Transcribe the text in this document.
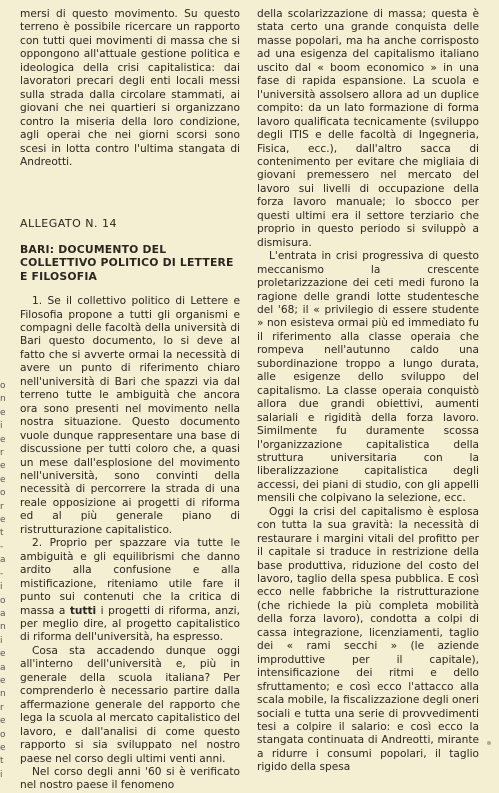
o
n
e
i
e
r
e
e
o
r
e
t
-
a
-
i
o
a
n
i
e
a
e
n
r
e
o
e
t
i

mersi di questo movimento. Su questo terreno è possibile ricercare un rapporto con tutti quei movimenti di massa che si oppongono all'attuale gestione politica e ideologica della crisi capitalistica: dai lavoratori precari degli enti locali messi sulla strada dalla circolare stammati, ai giovani che nei quartieri si organizzano contro la miseria della loro condizione, agli operai che nei giorni scorsi sono scesi in lotta contro l'ultima stangata di Andreotti.

ALLEGATO N. 14

BARI: DOCUMENTO DEL COLLETTIVO POLITICO DI LETTERE E FILOSOFIA

1. Se il collettivo politico di Lettere e Filosofia propone a tutti gli organismi e compagni delle facoltà della università di Bari questo documento, lo si deve al fatto che si avverte ormai la necessità di avere un punto di riferimento chiaro nell'università di Bari che spazzi via dal terreno tutte le ambiguità che ancora ora sono presenti nel movimento nella nostra situazione. Questo documento vuole dunque rappresentare una base di discussione per tutti coloro che, a quasi un mese dall'esplosione del movimento nell'università, sono convinti della necessità di percorrere la strada di una reale opposizione ai progetti di riforma ed al più generale piano di ristrutturazione capitalistico.

2. Proprio per spazzare via tutte le ambiguità e gli equilibrismi che danno ardito alla confusione e alla mistificazione, riteniamo utile fare il punto sui contenuti che la critica di massa a tutti i progetti di riforma, anzi, per meglio dire, al progetto capitalistico di riforma dell'università, ha espresso.

Cosa sta accadendo dunque oggi all'interno dell'università e, più in generale della scuola italiana? Per comprenderlo è necessario partire dalla affermazione generale del rapporto che lega la scuola al mercato capitalistico del lavoro, e dall'analisi di come questo rapporto si sia sviluppato nel nostro paese nel corso degli ultimi venti anni.

Nel corso degli anni '60 si è verificato nel nostro paese il fenomeno

della scolarizzazione di massa; questa è stata certo una grande conquista delle masse popolari, ma ha anche corrisposto ad una esigenza del capitalismo italiano uscito dal « boom economico » in una fase di rapida espansione. La scuola e l'università assolsero allora ad un duplice compito: da un lato formazione di forma lavoro qualificata tecnicamente (sviluppo degli ITIS e delle facoltà di Ingegneria, Fisica, ecc.), dall'altro sacca di contenimento per evitare che migliaia di giovani premessero nel mercato del lavoro sui livelli di occupazione della forza lavoro manuale; lo sbocco per questi ultimi era il settore terziario che proprio in questo periodo si sviluppò a dismisura.

L'entrata in crisi progressiva di questo meccanismo la crescente proletarizzazione dei ceti medi furono la ragione delle grandi lotte studentesche del '68; il « privilegio di essere studente » non esisteva ormai più ed immediato fu il riferimento alla classe operaia che rompeva nell'autunno caldo una subordinazione troppo a lungo durata, alle esigenze dello sviluppo del capitalismo. La classe operaia conquistò allora due grandi obiettivi, aumenti salariali e rigidità della forza lavoro. Similmente fu duramente scossa l'organizzazione capitalistica della struttura universitaria con la liberalizzazione capitalistica degli accessi, dei piani di studio, con gli appelli mensili che colpivano la selezione, ecc.

Oggi la crisi del capitalismo è esplosa con tutta la sua gravità: la necessità di restaurare i margini vitali del profitto per il capitale si traduce in restrizione della base produttiva, riduzione del costo del lavoro, taglio della spesa pubblica. E così ecco nelle fabbriche la ristrutturazione (che richiede la più completa mobilità della forza lavoro), condotta a colpi di cassa integrazione, licenziamenti, taglio dei « rami secchi » (le aziende improduttive per il capitale), intensificazione dei ritmi e dello sfruttamento; e così ecco l'attacco alla scala mobile, la fiscalizzazione degli oneri sociali e tutta una serie di provvedimenti tesi a colpire il salario: e così ecco la stangata continuata di Andreotti, mirante a ridurre i consumi popolari, il taglio rigido della spesa
